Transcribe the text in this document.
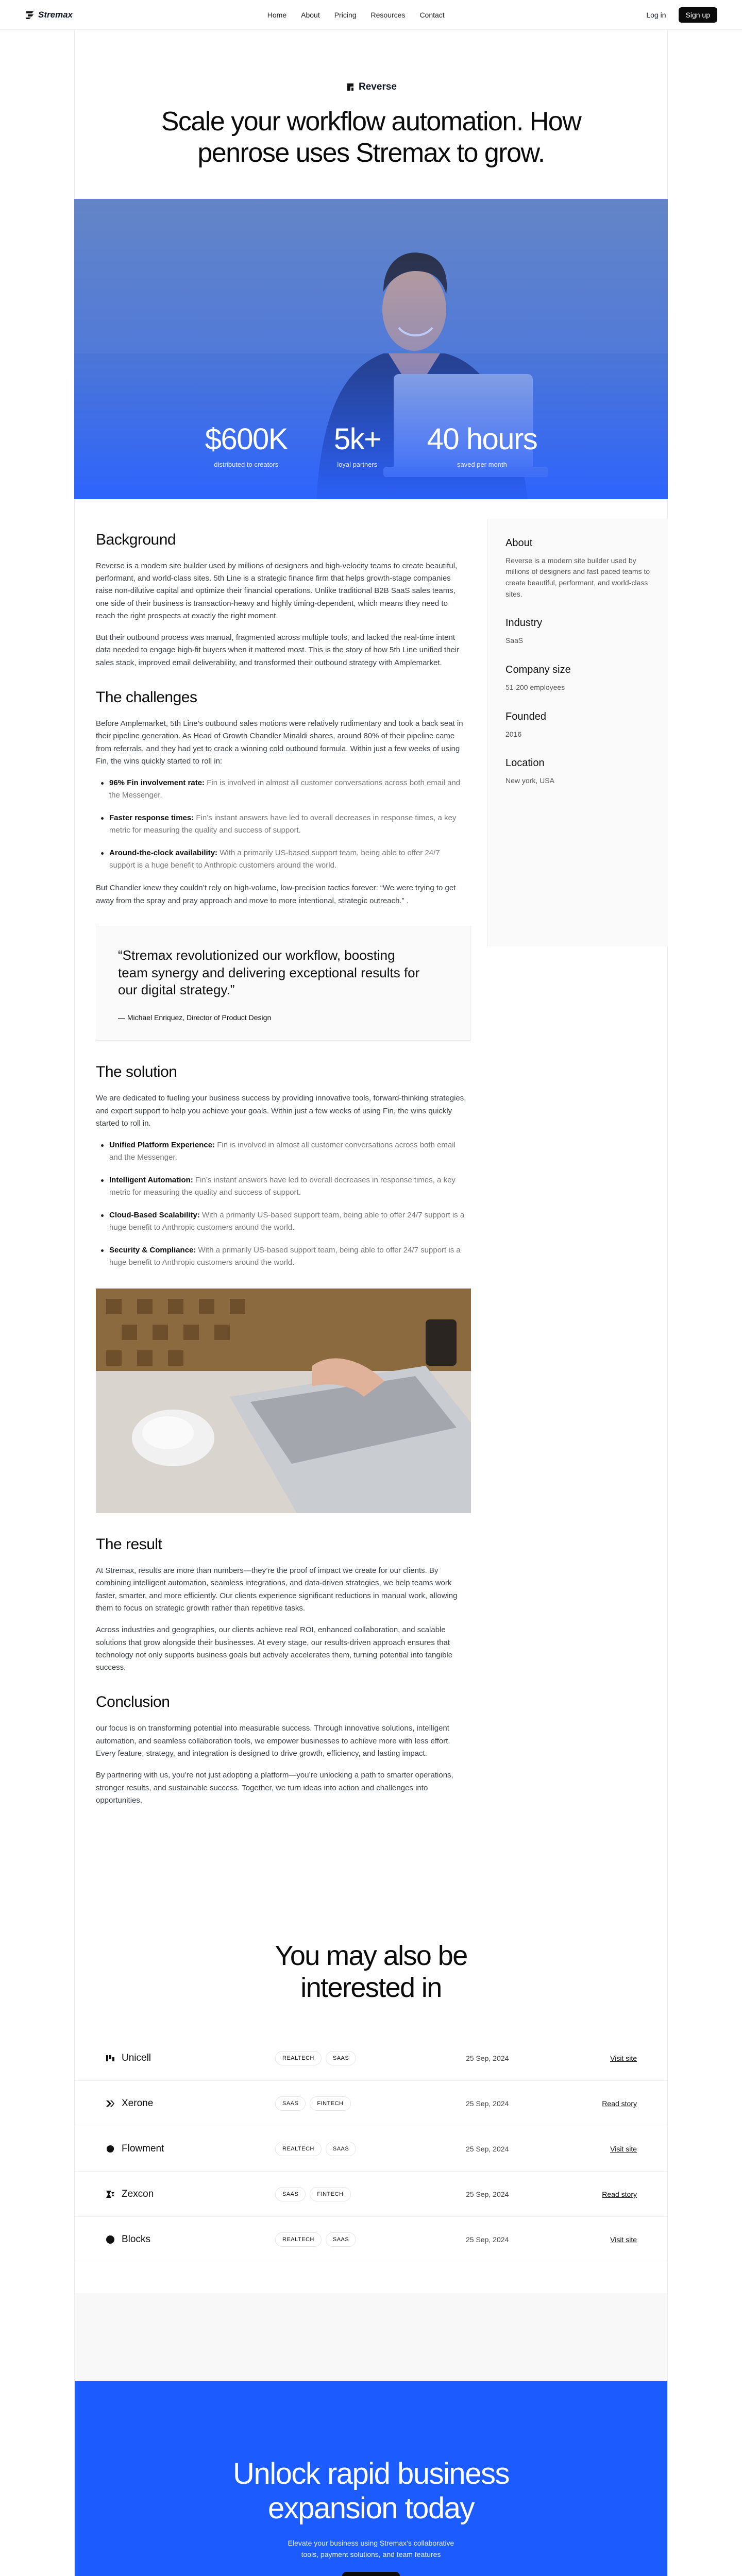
Stremax	Home About Pricing Resources Contact	Log in	Sign up
Reverse
Scale your workflow automation. How penrose uses Stremax to grow.
$600K
distributed to creators
5k+
loyal partners
40 hours
saved per month
Background

Reverse is a modern site builder used by millions of designers and high-velocity teams to create beautiful, performant, and world-class sites. 5th Line is a strategic finance firm that helps growth-stage companies raise non-dilutive capital and optimize their financial operations. Unlike traditional B2B SaaS sales teams, one side of their business is transaction-heavy and highly timing-dependent, which means they need to reach the right prospects at exactly the right moment.

But their outbound process was manual, fragmented across multiple tools, and lacked the real-time intent data needed to engage high-fit buyers when it mattered most. This is the story of how 5th Line unified their sales stack, improved email deliverability, and transformed their outbound strategy with Amplemarket.

The challenges

Before Amplemarket, 5th Line’s outbound sales motions were relatively rudimentary and took a back seat in their pipeline generation. As Head of Growth Chandler Minaldi shares, around 80% of their pipeline came from referrals, and they had yet to crack a winning cold outbound formula. Within just a few weeks of using Fin, the wins quickly started to roll in:

96% Fin involvement rate: Fin is involved in almost all customer conversations across both email and the Messenger.
Faster response times: Fin’s instant answers have led to overall decreases in response times, a key metric for measuring the quality and success of support.
Around-the-clock availability: With a primarily US-based support team, being able to offer 24/7 support is a huge benefit to Anthropic customers around the world.

But Chandler knew they couldn’t rely on high-volume, low-precision tactics forever: “We were trying to get away from the spray and pray approach and move to more intentional, strategic outreach.” .

“Stremax revolutionized our workflow, boosting team synergy and delivering exceptional results for our digital strategy.”
— Michael Enriquez, Director of Product Design
The solution

We are dedicated to fueling your business success by providing innovative tools, forward-thinking strategies, and expert support to help you achieve your goals. Within just a few weeks of using Fin, the wins quickly started to roll in.

Unified Platform Experience: Fin is involved in almost all customer conversations across both email and the Messenger.
Intelligent Automation: Fin’s instant answers have led to overall decreases in response times, a key metric for measuring the quality and success of support.
Cloud-Based Scalability: With a primarily US-based support team, being able to offer 24/7 support is a huge benefit to Anthropic customers around the world.
Security & Compliance: With a primarily US-based support team, being able to offer 24/7 support is a huge benefit to Anthropic customers around the world.
The result

At Stremax, results are more than numbers—they’re the proof of impact we create for our clients. By combining intelligent automation, seamless integrations, and data-driven strategies, we help teams work faster, smarter, and more efficiently. Our clients experience significant reductions in manual work, allowing them to focus on strategic growth rather than repetitive tasks.

Across industries and geographies, our clients achieve real ROI, enhanced collaboration, and scalable solutions that grow alongside their businesses. At every stage, our results-driven approach ensures that technology not only supports business goals but actively accelerates them, turning potential into tangible success.

Conclusion

our focus is on transforming potential into measurable success. Through innovative solutions, intelligent automation, and seamless collaboration tools, we empower businesses to achieve more with less effort. Every feature, strategy, and integration is designed to drive growth, efficiency, and lasting impact.

By partnering with us, you’re not just adopting a platform—you’re unlocking a path to smarter operations, stronger results, and sustainable success. Together, we turn ideas into action and challenges into opportunities.

About
Reverse is a modern site builder used by millions of designers and fast paced teams to create beautiful, performant, and world-class sites.
Industry
SaaS
Company size
51-200 employees
Founded
2016
Location
New york, USA
You may also be interested in
Unicell	REALTECH	SAAS	25 Sep, 2024	Visit site
Xerone	SAAS	FINTECH	25 Sep, 2024	Read story
Flowment	REALTECH	SAAS	25 Sep, 2024	Visit site
Zexcon	SAAS	FINTECH	25 Sep, 2024	Read story
Blocks	REALTECH	SAAS	25 Sep, 2024	Visit site
Unlock rapid business expansion today

Elevate your business using Stremax’s collaborative tools, payment solutions, and team features
